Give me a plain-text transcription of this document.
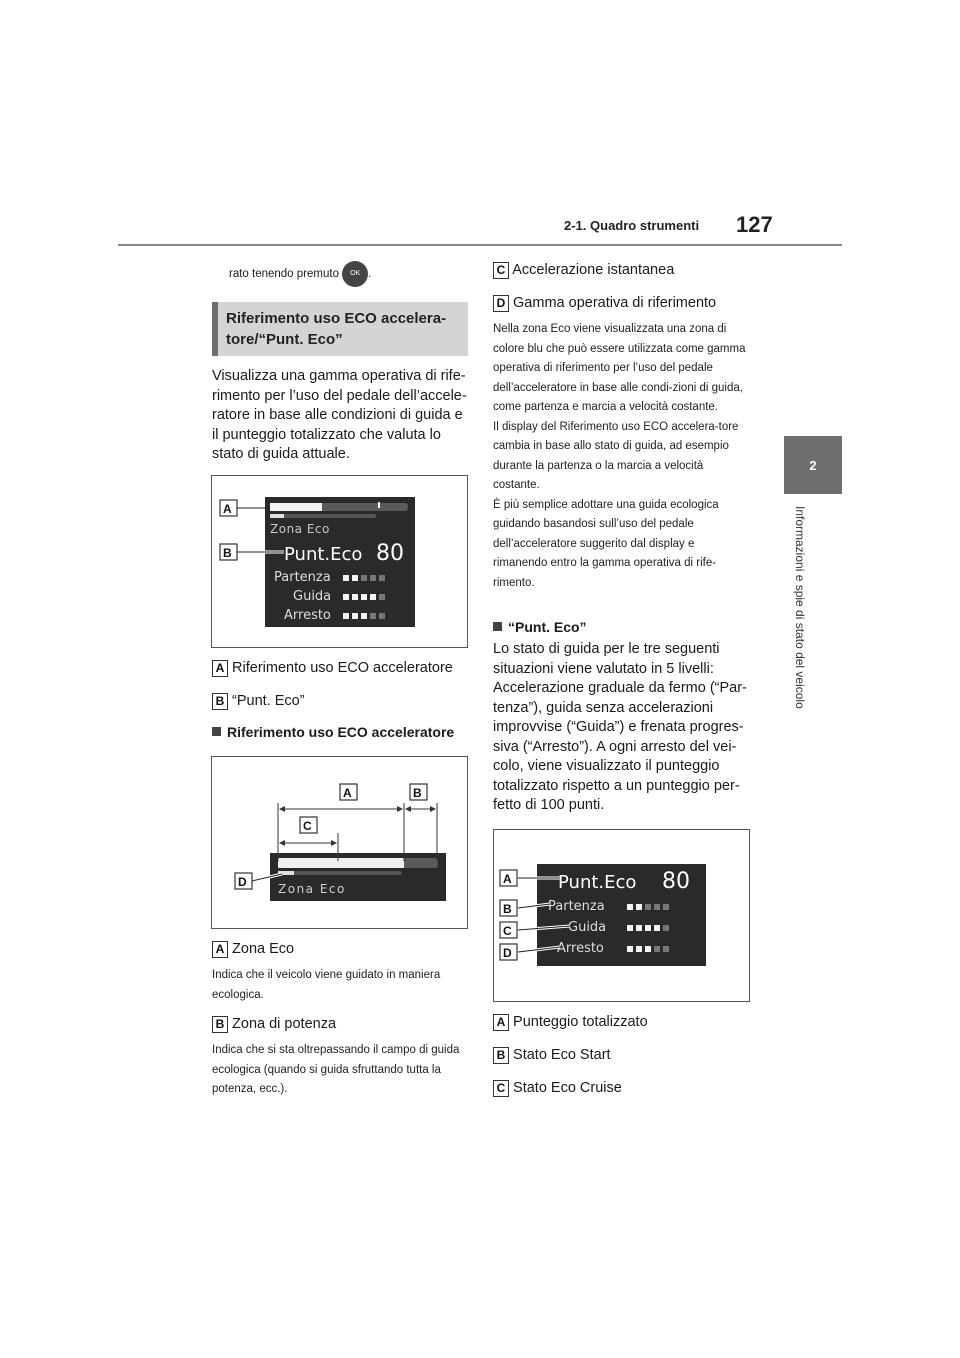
2-1. Quadro strumenti 127
2
Informazioni e spie di stato del veicolo
rato tenendo premuto OK .
Riferimento uso ECO accelera-tore/“Punt. Eco”
Visualizza una gamma operativa di rife-rimento per l’uso del pedale dell’accele-ratore in base alle condizioni di guida e il punteggio totalizzato che valuta lo stato di guida attuale.
Zona Eco
Punt.Eco 80
Partenza
Guida
Arresto
A
B
A Riferimento uso ECO acceleratore
B “Punt. Eco”
Riferimento uso ECO acceleratore
Zona Eco
A	B
C
D
A Zona Eco
Indica che il veicolo viene guidato in maniera ecologica.
B Zona di potenza
Indica che si sta oltrepassando il campo di guida ecologica (quando si guida sfruttando tutta la potenza, ecc.).
C Accelerazione istantanea
D Gamma operativa di riferimento
Nella zona Eco viene visualizzata una zona di colore blu che può essere utilizzata come gamma operativa di riferimento per l’uso del pedale dell’acceleratore in base alle condi-zioni di guida, come partenza e marcia a velocità costante.
Il display del Riferimento uso ECO accelera-tore cambia in base allo stato di guida, ad esempio durante la partenza o la marcia a velocità costante.
È più semplice adottare una guida ecologica guidando basandosi sull’uso del pedale dell’acceleratore suggerito dal display e rimanendo entro la gamma operativa di rife-rimento.
“Punt. Eco”
Lo stato di guida per le tre seguenti situazioni viene valutato in 5 livelli: Accelerazione graduale da fermo (“Par-tenza”), guida senza accelerazioni improvvise (“Guida”) e frenata progres-siva (“Arresto”). A ogni arresto del vei-colo, viene visualizzato il punteggio totalizzato rispetto a un punteggio per-fetto di 100 punti.
Punt.Eco 80
Partenza
Guida
Arresto
A
B
C
D
A Punteggio totalizzato
B Stato Eco Start
C Stato Eco Cruise
